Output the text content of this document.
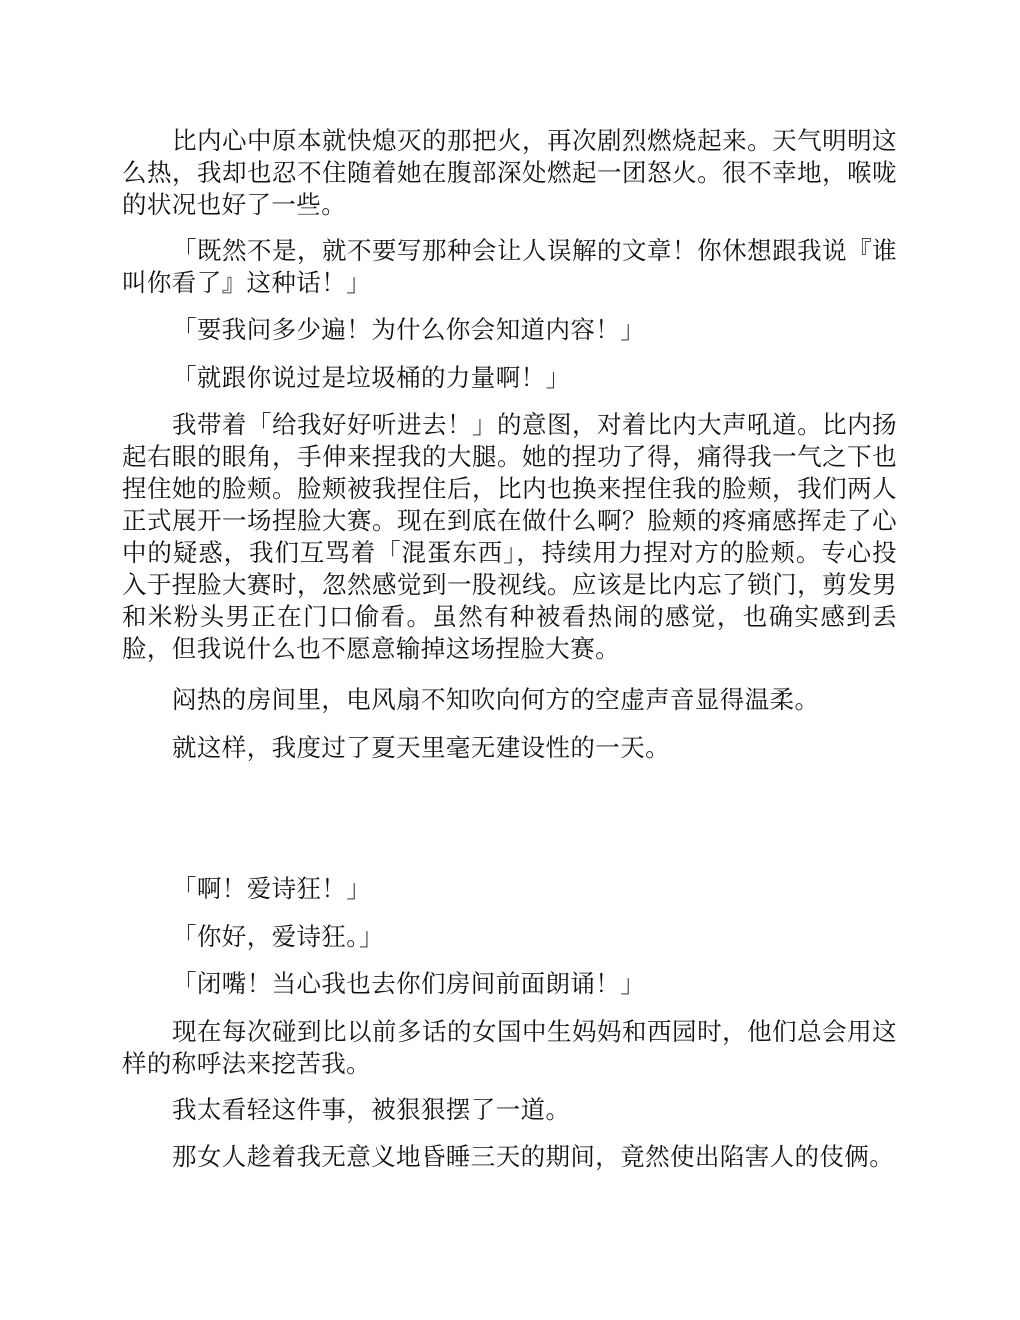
比内心中原本就快熄灭的那把火，再次剧烈燃烧起来。天气明明这么热，我却也忍不住随着她在腹部深处燃起一团怒火。很不幸地，喉咙的状况也好了一些。

「既然不是，就不要写那种会让人误解的文章！你休想跟我说『谁叫你看了』这种话！」

「要我问多少遍！为什么你会知道内容！」

「就跟你说过是垃圾桶的力量啊！」

我带着「给我好好听进去！」的意图，对着比内大声吼道。比内扬起右眼的眼角，手伸来捏我的大腿。她的捏功了得，痛得我一气之下也捏住她的脸颊。脸颊被我捏住后，比内也换来捏住我的脸颊，我们两人正式展开一场捏脸大赛。现在到底在做什么啊？脸颊的疼痛感挥走了心中的疑惑，我们互骂着「混蛋东西」，持续用力捏对方的脸颊。专心投入于捏脸大赛时，忽然感觉到一股视线。应该是比内忘了锁门，剪发男和米粉头男正在门口偷看。虽然有种被看热闹的感觉，也确实感到丢脸，但我说什么也不愿意输掉这场捏脸大赛。

闷热的房间里，电风扇不知吹向何方的空虚声音显得温柔。

就这样，我度过了夏天里毫无建设性的一天。

「啊！爱诗狂！」

「你好，爱诗狂。」

「闭嘴！当心我也去你们房间前面朗诵！」

现在每次碰到比以前多话的女国中生妈妈和西园时，他们总会用这样的称呼法来挖苦我。

我太看轻这件事，被狠狠摆了一道。

那女人趁着我无意义地昏睡三天的期间，竟然使出陷害人的伎俩。
